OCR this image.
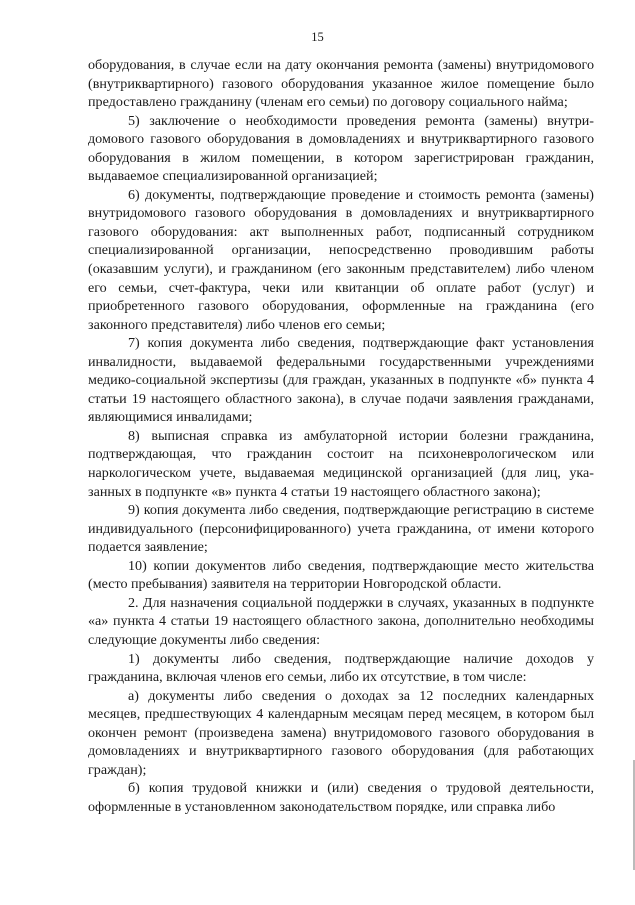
15

оборудования, в случае если на дату окончания ремонта (замены) внутридомового (внутриквартирного) газового оборудования указанное жилое помещение было предоставлено гражданину (членам его семьи) по договору социального найма;

5) заключение о необходимости проведения ремонта (замены) внутридомового газового оборудования в домовладениях и внутриквартирного газового оборудования в жилом помещении, в котором зарегистрирован гражданин, выдаваемое специализированной организацией;

6) документы, подтверждающие проведение и стоимость ремонта (замены) внутридомового газового оборудования в домовладениях и внутриквартирного газового оборудования: акт выполненных работ, подписанный сотрудником специализированной организации, непосредственно проводившим работы (оказавшим услуги), и гражданином (его законным представителем) либо членом его семьи, счет-фактура, чеки или квитанции об оплате работ (услуг) и приобретенного газового оборудования, оформленные на гражданина (его законного представителя) либо членов его семьи;

7) копия документа либо сведения, подтверждающие факт установления инвалидности, выдаваемой федеральными государственными учреждениями медико-социальной экспертизы (для граждан, указанных в подпункте «б» пункта 4 статьи 19 настоящего областного закона), в случае подачи заявления гражданами, являющимися инвалидами;

8) выписная справка из амбулаторной истории болезни гражданина, подтверждающая, что гражданин состоит на психоневрологическом или наркологическом учете, выдаваемая медицинской организацией (для лиц, указанных в подпункте «в» пункта 4 статьи 19 настоящего областного закона);

9) копия документа либо сведения, подтверждающие регистрацию в системе индивидуального (персонифицированного) учета гражданина, от имени которого подается заявление;

10) копии документов либо сведения, подтверждающие место жительства (место пребывания) заявителя на территории Новгородской области.

2. Для назначения социальной поддержки в случаях, указанных в подпункте «а» пункта 4 статьи 19 настоящего областного закона, дополнительно необходимы следующие документы либо сведения:

1) документы либо сведения, подтверждающие наличие доходов у гражданина, включая членов его семьи, либо их отсутствие, в том числе:

а) документы либо сведения о доходах за 12 последних календарных месяцев, предшествующих 4 календарным месяцам перед месяцем, в котором был окончен ремонт (произведена замена) внутридомового газового оборудования в домовладениях и внутриквартирного газового оборудования (для работающих граждан);

б) копия трудовой книжки и (или) сведения о трудовой деятельности, оформленные в установленном законодательством порядке, или справка либо
